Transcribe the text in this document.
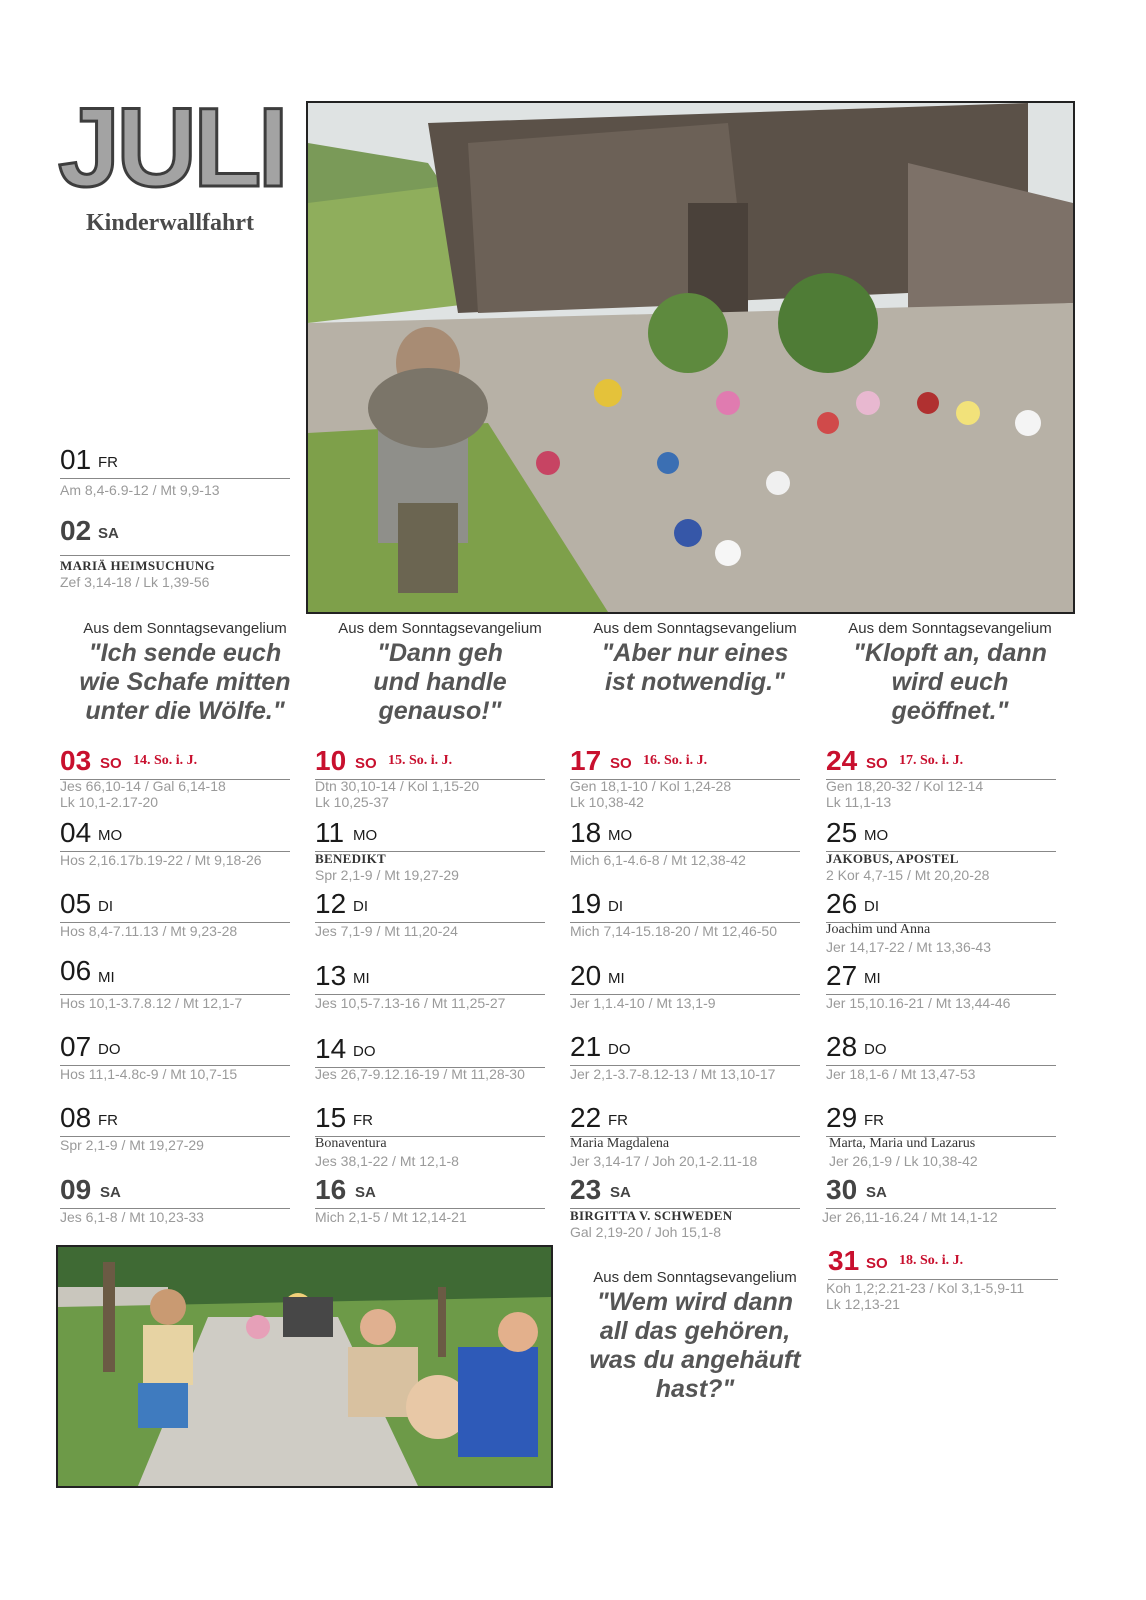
JULI
Kinderwallfahrt
01 FR
Am 8,4-6.9-12 / Mt 9,9-13
02 SA
MARIÄ HEIMSUCHUNG
Zef 3,14-18 / Lk 1,39-56
Aus dem Sonntagsevangelium
"Ich sende euch
wie Schafe mitten
unter die Wölfe."
Aus dem Sonntagsevangelium
"Dann geh
und handle
genauso!"
Aus dem Sonntagsevangelium
"Aber nur eines
ist notwendig."
Aus dem Sonntagsevangelium
"Klopft an, dann
wird euch
geöffnet."
03 SO 14. So. i. J.
Jes 66,10-14 / Gal 6,14-18
Lk 10,1-2.17-20
04 MO
Hos 2,16.17b.19-22 / Mt 9,18-26
05 DI
Hos 8,4-7.11.13 / Mt 9,23-28
06 MI
Hos 10,1-3.7.8.12 / Mt 12,1-7
07 DO
Hos 11,1-4.8c-9 / Mt 10,7-15
08 FR
Spr 2,1-9 / Mt 19,27-29
09 SA
Jes 6,1-8 / Mt 10,23-33
10 SO 15. So. i. J.
Dtn 30,10-14 / Kol 1,15-20
Lk 10,25-37
11 MO
BENEDIKT
Spr 2,1-9 / Mt 19,27-29
12 DI
Jes 7,1-9 / Mt 11,20-24
13 MI
Jes 10,5-7.13-16 / Mt 11,25-27
14 DO
Jes 26,7-9.12.16-19 / Mt 11,28-30
15 FR
Bonaventura
Jes 38,1-22 / Mt 12,1-8
16 SA
Mich 2,1-5 / Mt 12,14-21
17 SO 16. So. i. J.
Gen 18,1-10 / Kol 1,24-28
Lk 10,38-42
18 MO
Mich 6,1-4.6-8 / Mt 12,38-42
19 DI
Mich 7,14-15.18-20 / Mt 12,46-50
20 MI
Jer 1,1.4-10 / Mt 13,1-9
21 DO
Jer 2,1-3.7-8.12-13 / Mt 13,10-17
22 FR
Maria Magdalena
Jer 3,14-17 / Joh 20,1-2.11-18
23 SA
BIRGITTA V. SCHWEDEN
Gal 2,19-20 / Joh 15,1-8
24 SO 17. So. i. J.
Gen 18,20-32 / Kol 12-14
Lk 11,1-13
25 MO
JAKOBUS, APOSTEL
2 Kor 4,7-15 / Mt 20,20-28
26 DI
Joachim und Anna
Jer 14,17-22 / Mt 13,36-43
27 MI
Jer 15,10.16-21 / Mt 13,44-46
28 DO
Jer 18,1-6 / Mt 13,47-53
29 FR
Marta, Maria und Lazarus
Jer 26,1-9 / Lk 10,38-42
30 SA
Jer 26,11-16.24 / Mt 14,1-12
31 SO 18. So. i. J.
Koh 1,2;2.21-23 / Kol 3,1-5,9-11
Lk 12,13-21
Aus dem Sonntagsevangelium
"Wem wird dann
all das gehören,
was du angehäuft
hast?"
